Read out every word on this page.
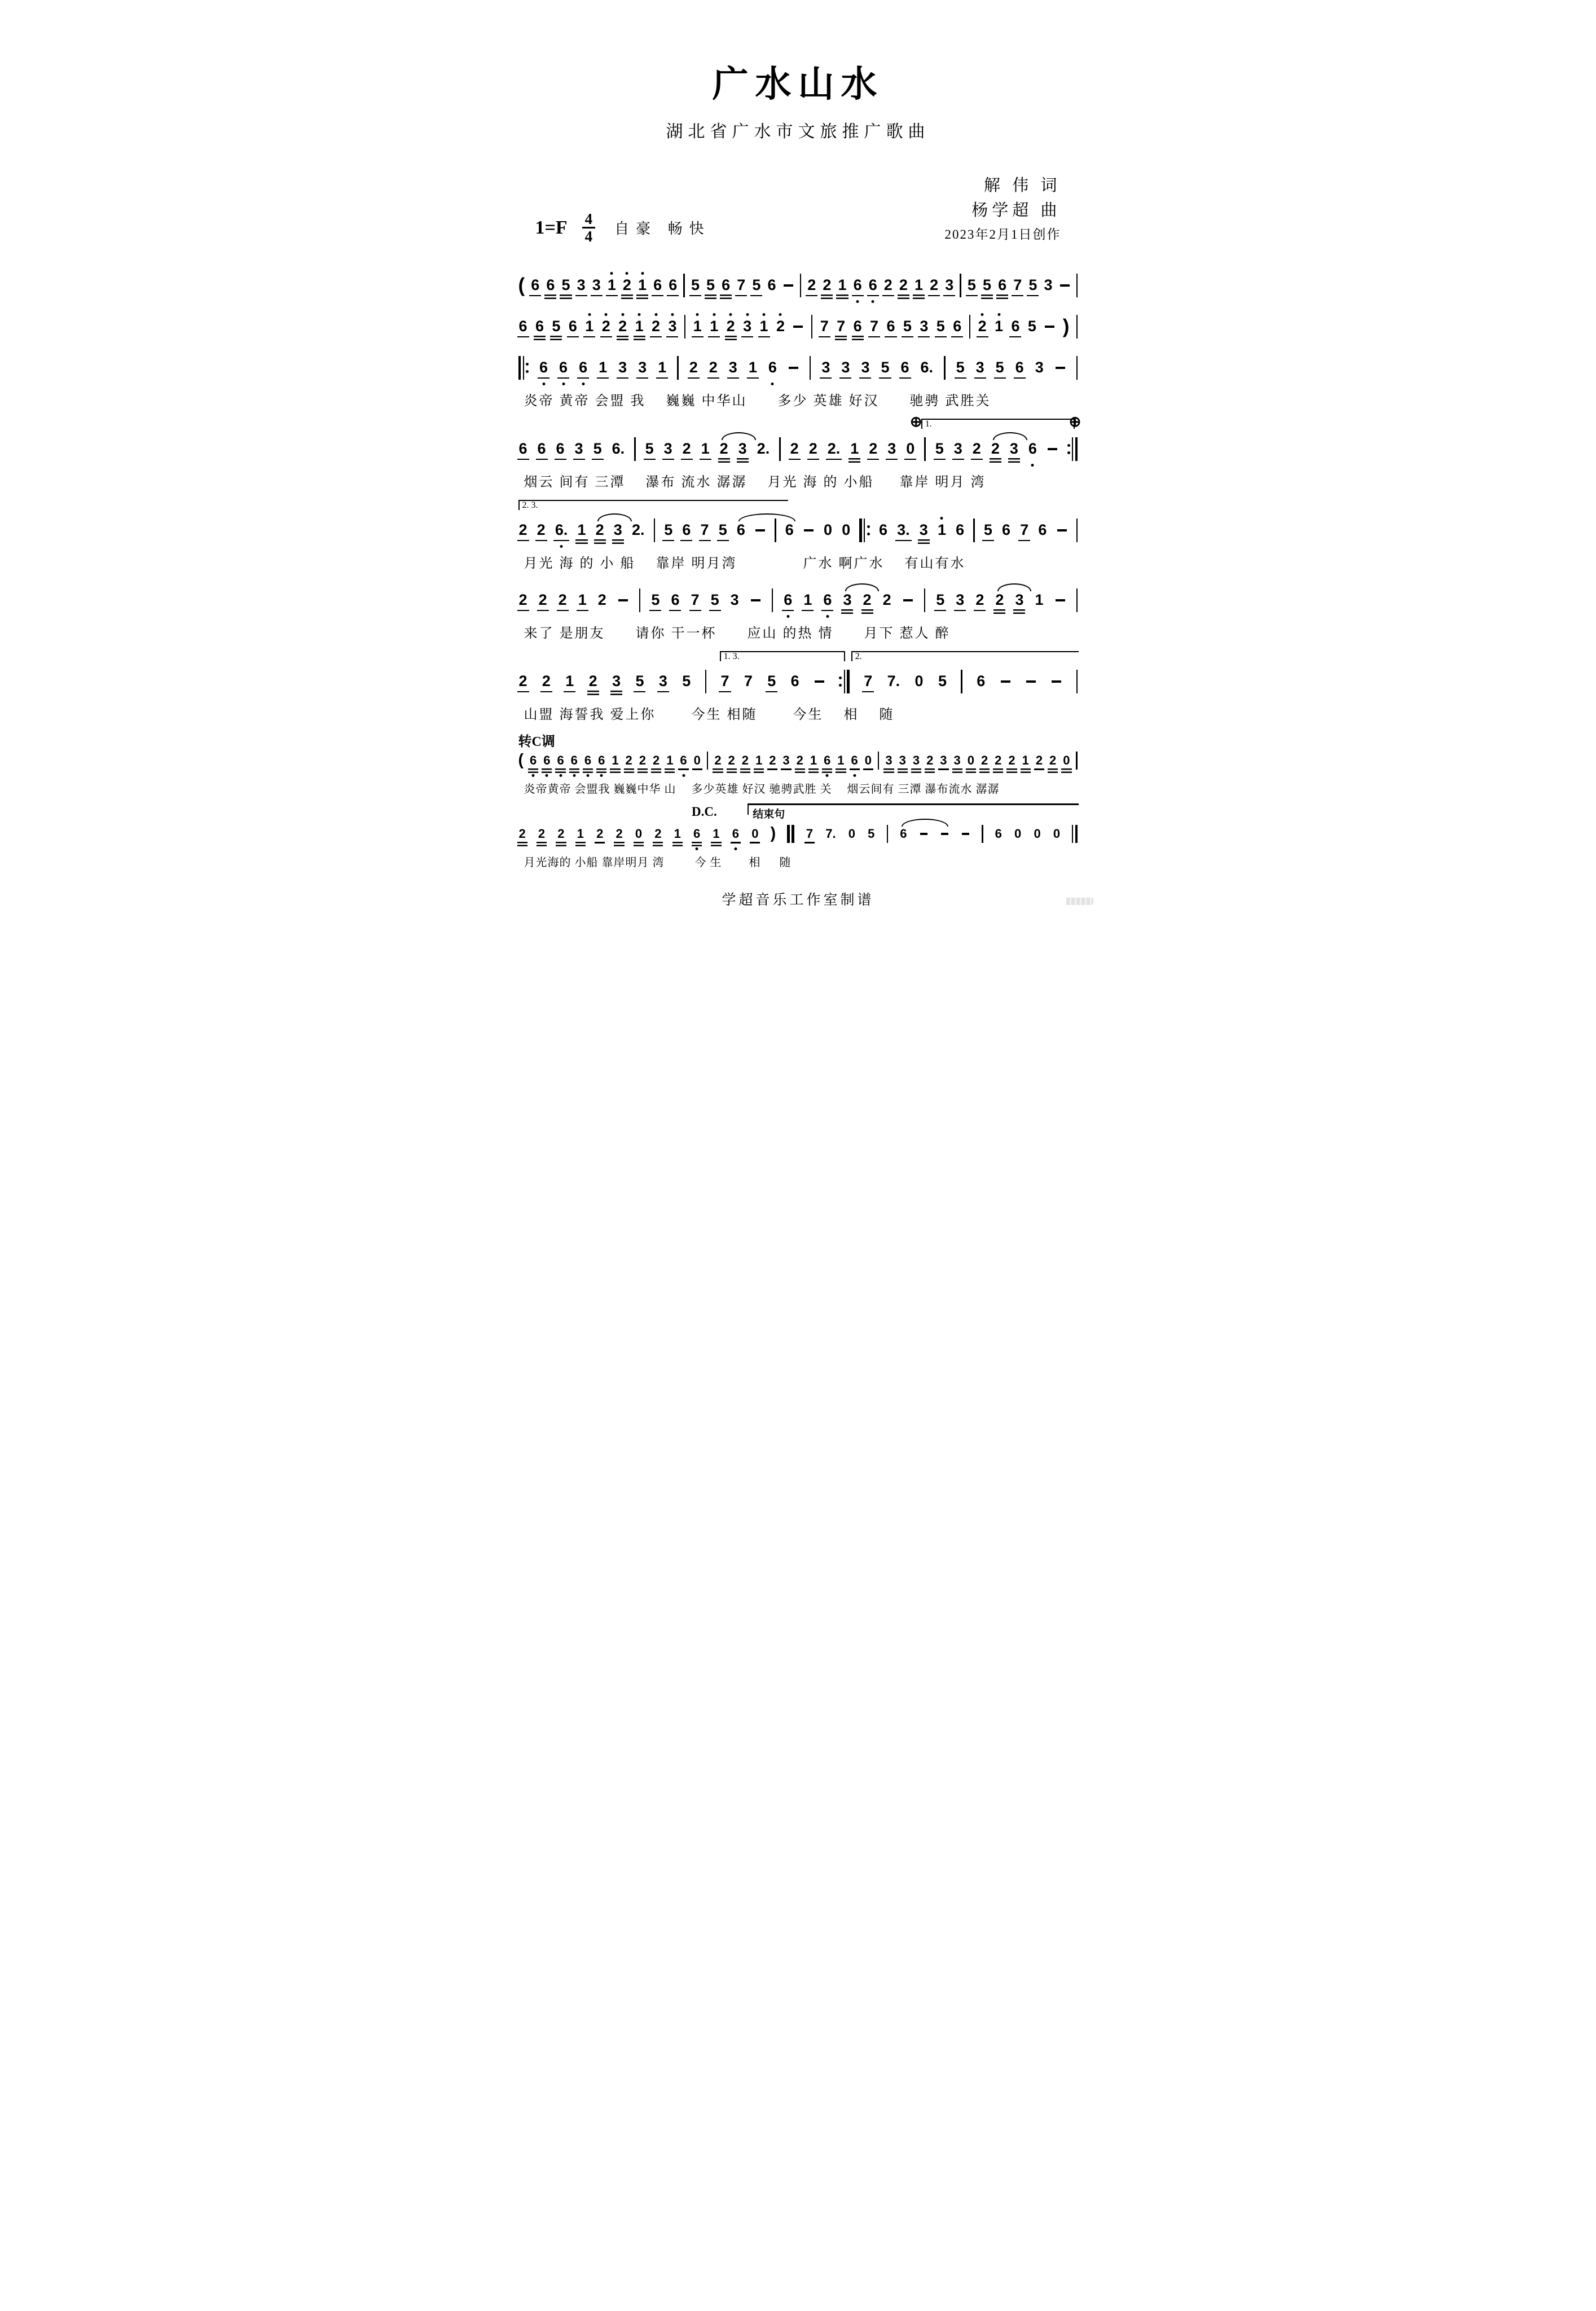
广水山水
湖北省广水市文旅推广歌曲
$1=F \frac{4}{4}$ 自豪 畅快
解 伟 词
杨学超 曲
2023年2月1日创作
( 6 6 5 3 3 1 2 1 6 6 5 5 6 7 5 6 2 2 1 6 6 2 2 1 2 3 5 5 6 7 5 3
6 6 5 6 1 2 2 1 2 3 1 1 2 3 1 2 7 7 6 7 6 5 3 5 6 2 1 6 5 )
6 6 6 1 3 3 1 2 2 3 1 6	3 3 3 5 6 6. 5 3 5 6 3
炎帝 黄帝 会盟 我　 巍巍 中华山　　多少 英雄 好汉　　驰骋 武胜关
1.
⊕	⊕
6 6 6 3 5 6. 5 3 2 1 2 3 2. 2 2 2. 1 2 3 0 5 3 2 2 3 6
烟云 间有 三潭　 瀑布 流水 潺潺　 月光 海 的 小船　  靠岸 明月 湾
2. 3.
2 2 6. 1 2 3 2. 5 6 7 5 6	6 0 0 6 3. 3 1 6 5 6 7 6
月光 海 的 小 船　 靠岸 明月湾　　　　 广水 啊广水　 有山有水
2 2 2 1 2	5 6 7 5 3	6 1 6 3 2 2	5 3 2 2 3 1
来了 是朋友　　请你 干一杯　　应山 的热 情　　月下 惹人 醉
1. 3.	2.
2 2 1 2 3 5 3 5 7 7 5 6	7 7. 0 5 6
山盟 海誓我 爱上你　　 今生 相随　　 今生　 相　 随
转C调
( 6 6 6 6 6 6 1 2 2 2 1 6 0 2 2 2 1 2 3 2 1 6 1 6 0 3 3 3 2 3 3 0 2 2 2 1 2 2 0
炎帝黄帝 会盟我 巍巍中华 山　 多少英雄 好汉 驰骋武胜 关　 烟云间有 三潭 瀑布流水 潺潺
D.C.	结束句
2 2 2 1 2 2 0 2 1 6 1 6 0 ) 7 7. 0 5 6	6 0 0 0
月光海的 小船 靠岸明月 湾　　  今 生　　 相　  随
学超音乐工作室制谱
